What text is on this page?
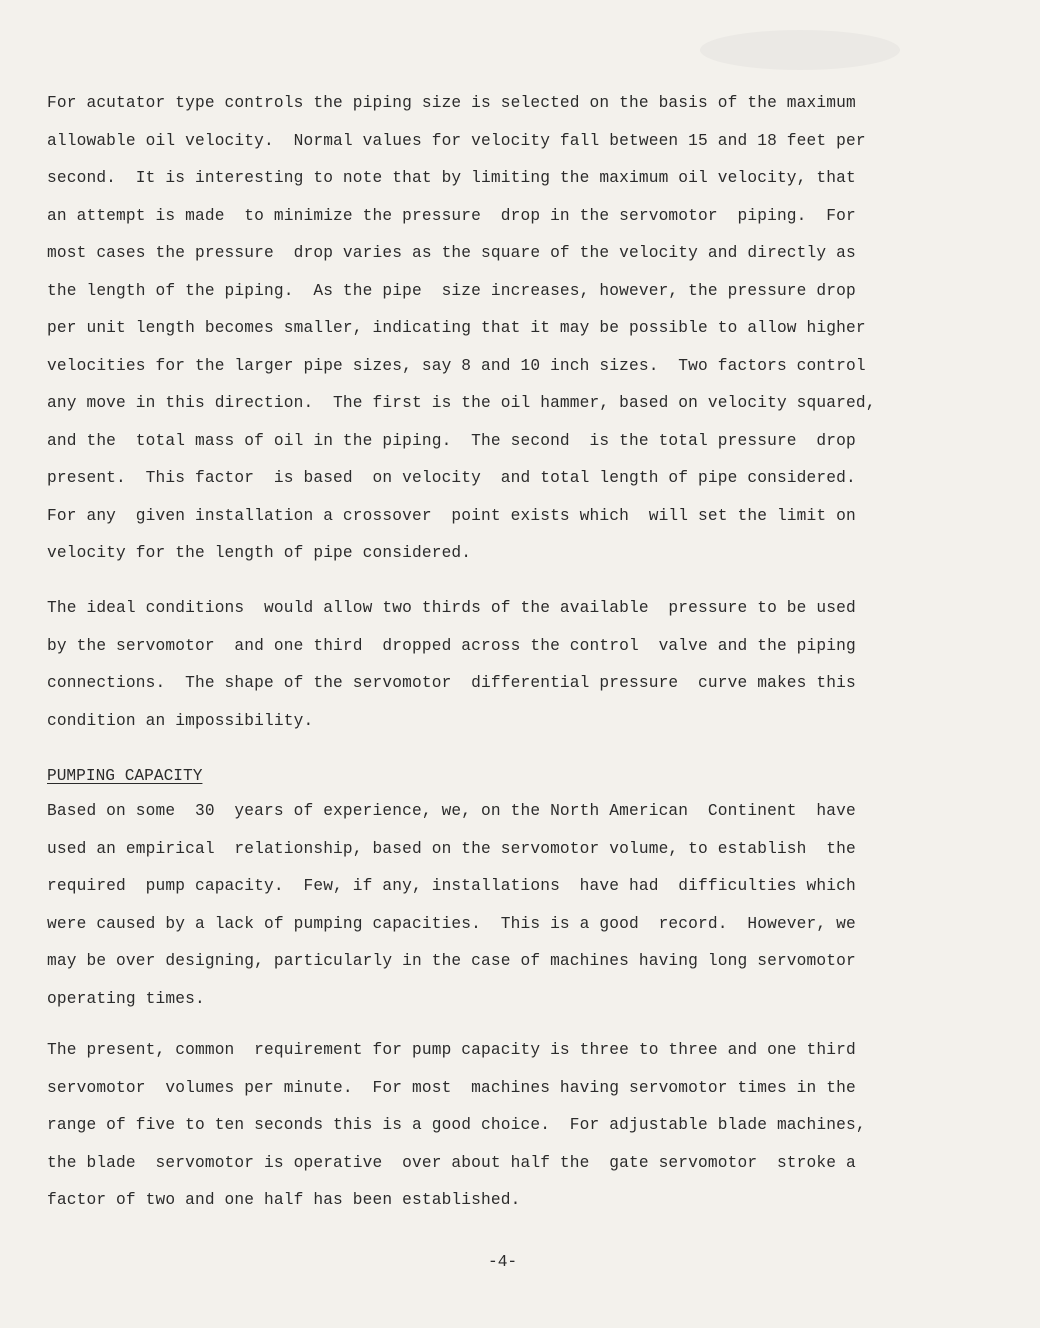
For acutator type controls the piping size is selected on the basis of the maximum
allowable oil velocity.  Normal values for velocity fall between 15 and 18 feet per
second.  It is interesting to note that by limiting the maximum oil velocity, that
an attempt is made  to minimize the pressure  drop in the servomotor  piping.  For
most cases the pressure  drop varies as the square of the velocity and directly as
the length of the piping.  As the pipe  size increases, however, the pressure drop
per unit length becomes smaller, indicating that it may be possible to allow higher
velocities for the larger pipe sizes, say 8 and 10 inch sizes.  Two factors control
any move in this direction.  The first is the oil hammer, based on velocity squared,
and the  total mass of oil in the piping.  The second  is the total pressure  drop
present.  This factor  is based  on velocity  and total length of pipe considered.
For any  given installation a crossover  point exists which  will set the limit on
velocity for the length of pipe considered.

The ideal conditions  would allow two thirds of the available  pressure to be used
by the servomotor  and one third  dropped across the control  valve and the piping
connections.  The shape of the servomotor  differential pressure  curve makes this
condition an impossibility.

PUMPING CAPACITY

Based on some  30  years of experience, we, on the North American  Continent  have
used an empirical  relationship, based on the servomotor volume, to establish  the
required  pump capacity.  Few, if any, installations  have had  difficulties which
were caused by a lack of pumping capacities.  This is a good  record.  However, we
may be over designing, particularly in the case of machines having long servomotor
operating times.

The present, common  requirement for pump capacity is three to three and one third
servomotor  volumes per minute.  For most  machines having servomotor times in the
range of five to ten seconds this is a good choice.  For adjustable blade machines,
the blade  servomotor is operative  over about half the  gate servomotor  stroke a
factor of two and one half has been established.

-4-
